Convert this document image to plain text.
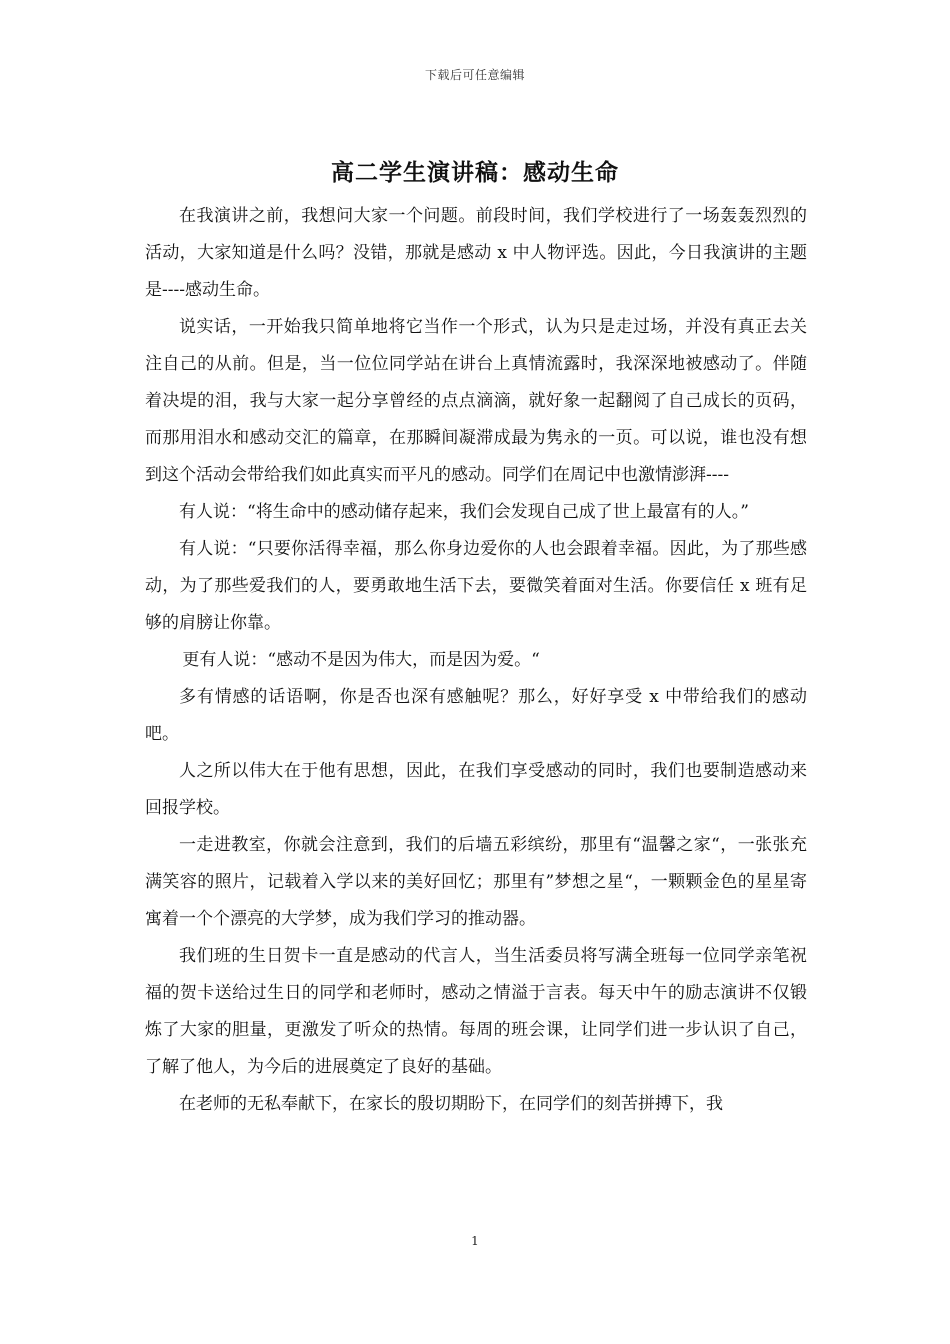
下载后可任意编辑
高二学生演讲稿：感动生命

在我演讲之前，我想问大家一个问题。前段时间，我们学校进行了一场轰轰烈烈的活动，大家知道是什么吗？没错，那就是感动 x 中人物评选。因此，今日我演讲的主题是----感动生命。

说实话，一开始我只简单地将它当作一个形式，认为只是走过场，并没有真正去关注自己的从前。但是，当一位位同学站在讲台上真情流露时，我深深地被感动了。伴随着决堤的泪，我与大家一起分享曾经的点点滴滴，就好象一起翻阅了自己成长的页码，而那用泪水和感动交汇的篇章，在那瞬间凝滞成最为隽永的一页。可以说，谁也没有想到这个活动会带给我们如此真实而平凡的感动。同学们在周记中也激情澎湃----

有人说：“将生命中的感动储存起来，我们会发现自己成了世上最富有的人。”

有人说：“只要你活得幸福，那么你身边爱你的人也会跟着幸福。因此，为了那些感动，为了那些爱我们的人，要勇敢地生活下去，要微笑着面对生活。你要信任 x 班有足够的肩膀让你靠。

更有人说：“感动不是因为伟大，而是因为爱。“

多有情感的话语啊，你是否也深有感触呢？那么，好好享受 x 中带给我们的感动吧。

人之所以伟大在于他有思想，因此，在我们享受感动的同时，我们也要制造感动来回报学校。

一走进教室，你就会注意到，我们的后墙五彩缤纷，那里有“温馨之家“，一张张充满笑容的照片，记载着入学以来的美好回忆；那里有”梦想之星“，一颗颗金色的星星寄寓着一个个漂亮的大学梦，成为我们学习的推动器。

我们班的生日贺卡一直是感动的代言人，当生活委员将写满全班每一位同学亲笔祝福的贺卡送给过生日的同学和老师时，感动之情溢于言表。每天中午的励志演讲不仅锻炼了大家的胆量，更激发了听众的热情。每周的班会课，让同学们进一步认识了自己，了解了他人，为今后的进展奠定了良好的基础。

在老师的无私奉献下，在家长的殷切期盼下，在同学们的刻苦拼搏下，我

1
